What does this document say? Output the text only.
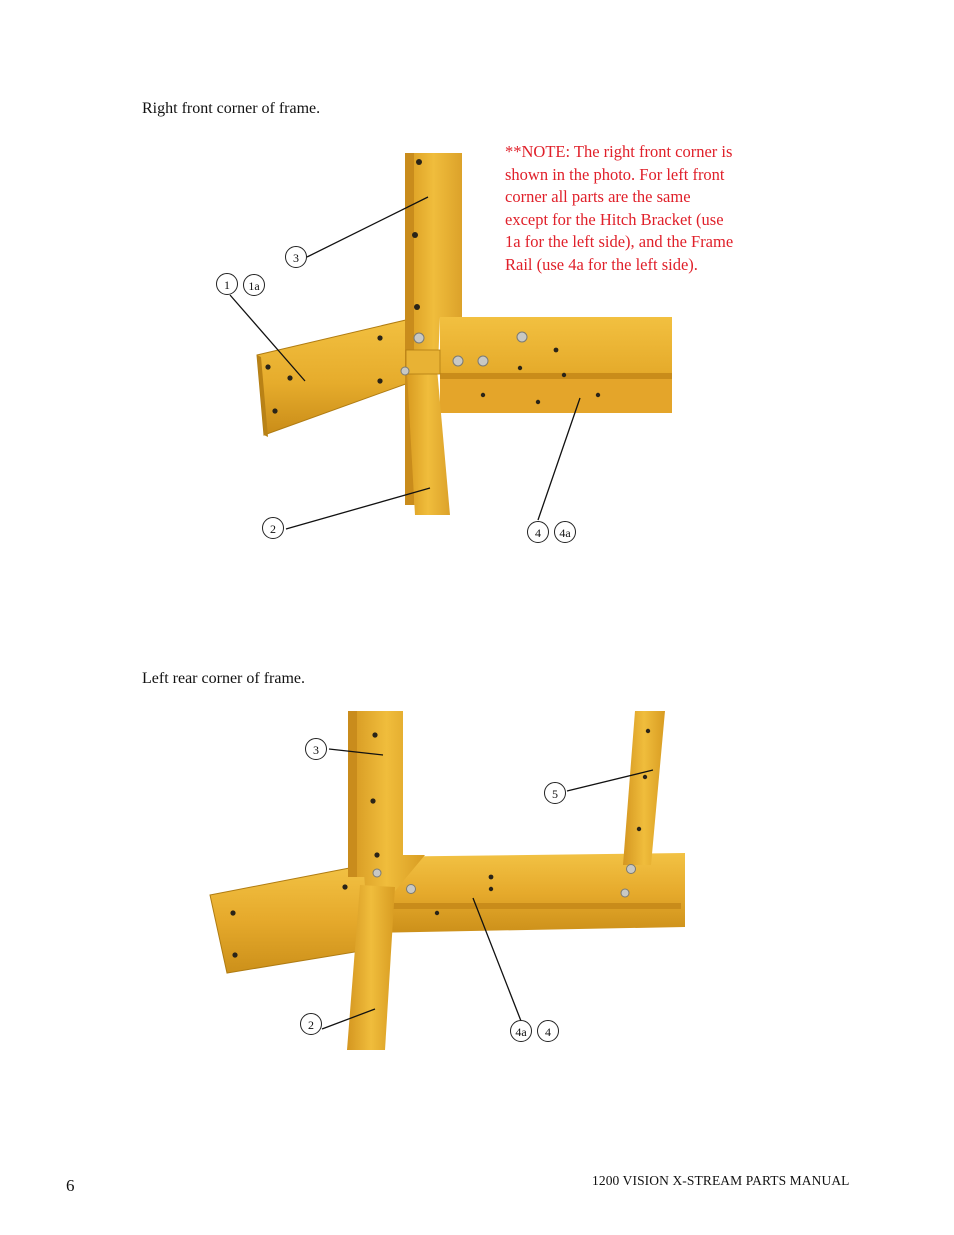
Right front corner of frame.
**NOTE: The right front corner is
shown in the photo. For left front
corner all parts are the same
except for the Hitch Bracket (use
1a for the left side), and the Frame
Rail (use 4a for the left side).
3
1	1a
2	4	4a
Left rear corner of frame.
3
5
2	4a	4
6	1200 VISION X-STREAM PARTS MANUAL
